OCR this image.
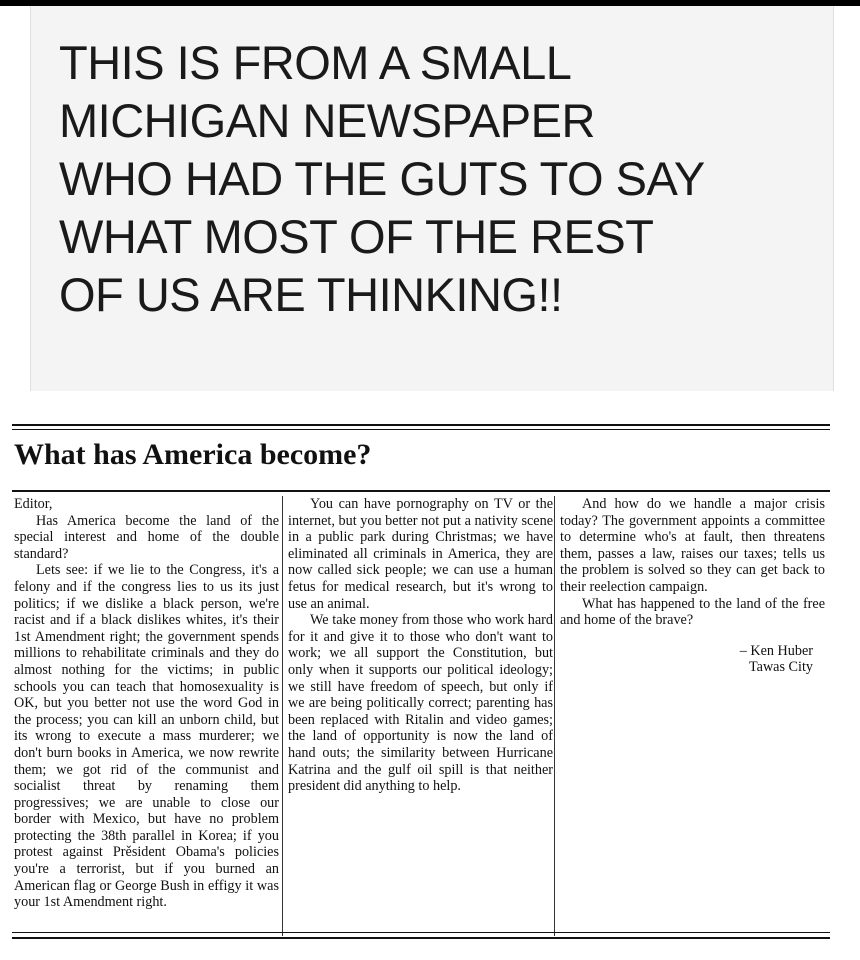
THIS IS FROM A SMALL
MICHIGAN NEWSPAPER
WHO HAD THE GUTS TO SAY
WHAT MOST OF THE REST
OF US ARE THINKING!!
What has America become?

Editor,

Has America become the land of the special interest and home of the double standard?

Lets see: if we lie to the Congress, it's a felony and if the congress lies to us its just politics; if we dislike a black person, we're racist and if a black dislikes whites, it's their 1st Amendment right; the government spends millions to rehabilitate criminals and they do almost nothing for the victims; in public schools you can teach that homosexuality is OK, but you better not use the word God in the process; you can kill an unborn child, but its wrong to execute a mass murderer; we don't burn books in America, we now rewrite them; we got rid of the communist and socialist threat by renaming them progressives; we are unable to close our border with Mexico, but have no problem protecting the 38th parallel in Korea; if you protest against Prěsident Obama's policies you're a terrorist, but if you burned an American flag or George Bush in effigy it was your 1st Amendment right.

You can have pornography on TV or the internet, but you better not put a nativity scene in a public park during Christmas; we have eliminated all criminals in America, they are now called sick people; we can use a human fetus for medical research, but it's wrong to use an animal.

We take money from those who work hard for it and give it to those who don't want to work; we all support the Constitution, but only when it supports our political ideology; we still have freedom of speech, but only if we are being politically correct; parenting has been replaced with Ritalin and video games; the land of opportunity is now the land of hand outs; the similarity between Hurricane Katrina and the gulf oil spill is that neither president did anything to help.

And how do we handle a major crisis today? The government appoints a committee to determine who's at fault, then threatens them, passes a law, raises our taxes; tells us the problem is solved so they can get back to their reelection campaign.

What has happened to the land of the free and home of the brave?

– Ken Huber

Tawas City
